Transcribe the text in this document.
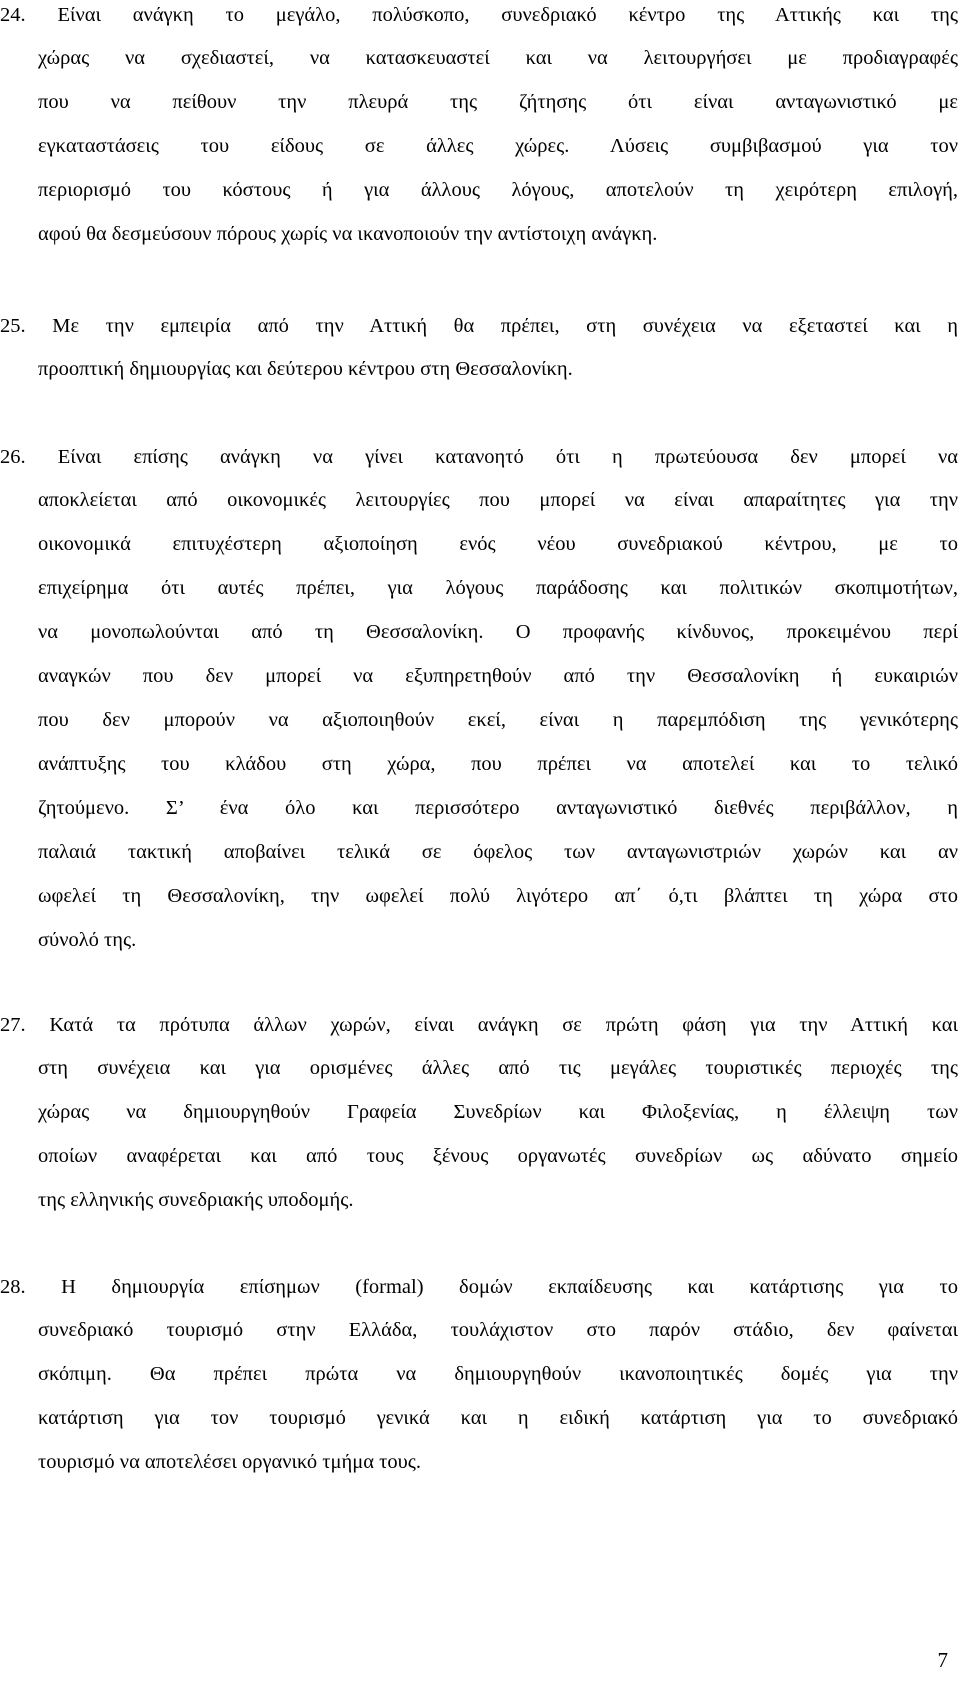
24. Είναι ανάγκη το μεγάλο, πολύσκοπο, συνεδριακό κέντρο της Αττικής και της
χώρας να σχεδιαστεί, να κατασκευαστεί και να λειτουργήσει με προδιαγραφές
που να πείθουν την πλευρά της ζήτησης ότι είναι ανταγωνιστικό με
εγκαταστάσεις του είδους σε άλλες χώρες. Λύσεις συμβιβασμού για τον
περιορισμό του κόστους ή για άλλους λόγους, αποτελούν τη χειρότερη επιλογή,
αφού θα δεσμεύσουν πόρους χωρίς να ικανοποιούν την αντίστοιχη ανάγκη.
25. Με την εμπειρία από την Αττική θα πρέπει, στη συνέχεια να εξεταστεί και η
προοπτική δημιουργίας και δεύτερου κέντρου στη Θεσσαλονίκη.
26. Είναι επίσης ανάγκη να γίνει κατανοητό ότι η πρωτεύουσα δεν μπορεί να
αποκλείεται από οικονομικές λειτουργίες που μπορεί να είναι απαραίτητες για την
οικονομικά επιτυχέστερη αξιοποίηση ενός νέου συνεδριακού κέντρου, με το
επιχείρημα ότι αυτές πρέπει, για λόγους παράδοσης και πολιτικών σκοπιμοτήτων,
να μονοπωλούνται από τη Θεσσαλονίκη. Ο προφανής κίνδυνος, προκειμένου περί
αναγκών που δεν μπορεί να εξυπηρετηθούν από την Θεσσαλονίκη ή ευκαιριών
που δεν μπορούν να αξιοποιηθούν εκεί, είναι η παρεμπόδιση της γενικότερης
ανάπτυξης του κλάδου στη χώρα, που πρέπει να αποτελεί και το τελικό
ζητούμενο. Σ’ ένα όλο και περισσότερο ανταγωνιστικό διεθνές περιβάλλον, η
παλαιά τακτική αποβαίνει τελικά σε όφελος των ανταγωνιστριών χωρών και αν
ωφελεί τη Θεσσαλονίκη, την ωφελεί πολύ λιγότερο απ΄ ό,τι βλάπτει τη χώρα στο
σύνολό της.
27. Κατά τα πρότυπα άλλων χωρών, είναι ανάγκη σε πρώτη φάση για την Αττική και
στη συνέχεια και για ορισμένες άλλες από τις μεγάλες τουριστικές περιοχές της
χώρας να δημιουργηθούν Γραφεία Συνεδρίων και Φιλοξενίας, η έλλειψη των
οποίων αναφέρεται και από τους ξένους οργανωτές συνεδρίων ως αδύνατο σημείο
της ελληνικής συνεδριακής υποδομής.
28. Η δημιουργία επίσημων (formal) δομών εκπαίδευσης και κατάρτισης για το
συνεδριακό τουρισμό στην Ελλάδα, τουλάχιστον στο παρόν στάδιο, δεν φαίνεται
σκόπιμη. Θα πρέπει πρώτα να δημιουργηθούν ικανοποιητικές δομές για την
κατάρτιση για τον τουρισμό γενικά και η ειδική κατάρτιση για το συνεδριακό
τουρισμό να αποτελέσει οργανικό τμήμα τους.
7
